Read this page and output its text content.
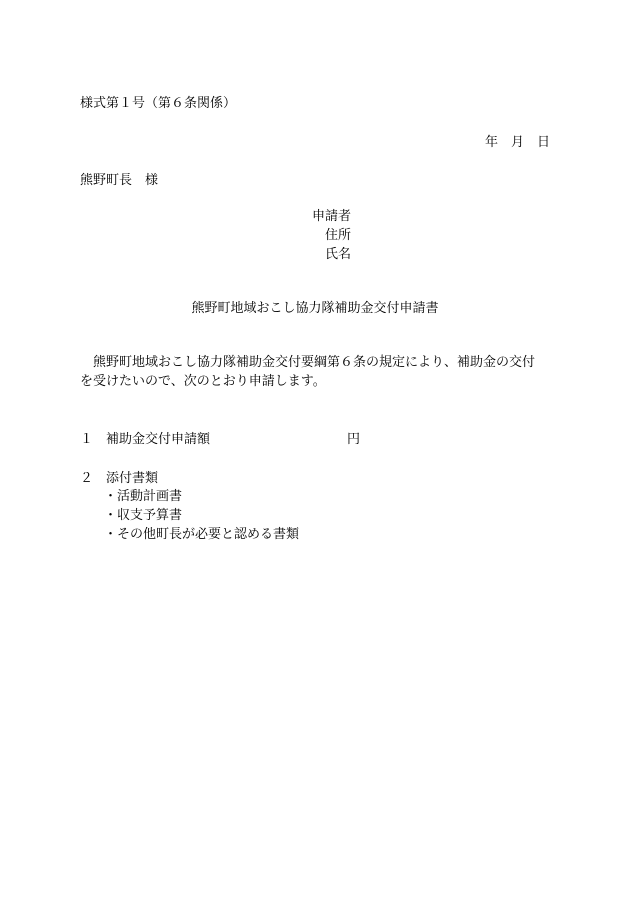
様式第１号（第６条関係）
年 月 日
熊野町長　様
申請者
住所
氏名
熊野町地域おこし協力隊補助金交付申請書

　熊野町地域おこし協力隊補助金交付要綱第６条の規定により、補助金の交付

を受けたいので、次のとおり申請します。

１ 補助金交付申請額	円
２ 添付書類
・活動計画書
・収支予算書
・その他町長が必要と認める書類
